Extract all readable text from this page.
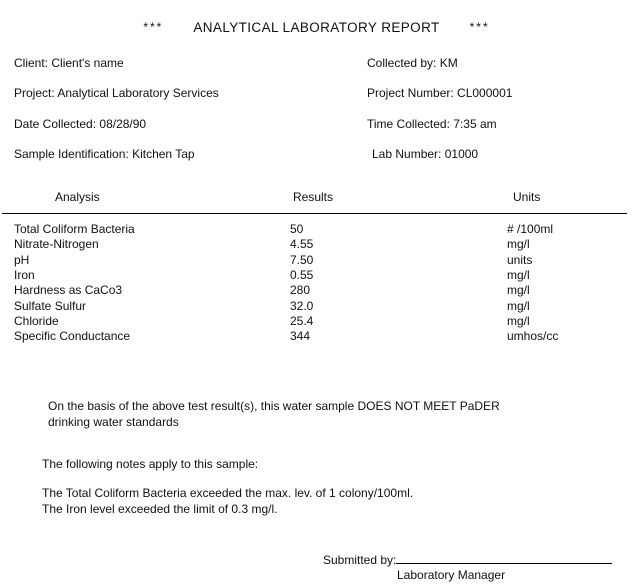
*** ANALYTICAL LABORATORY REPORT	***
Client: Client's name	Collected by: KM
Project: Analytical Laboratory Services	Project Number: CL000001
Date Collected: 08/28/90	Time Collected: 7:35 am
Sample Identification: Kitchen Tap	Lab Number: 01000
Analysis	Results	Units
Total Coliform Bacteria	50	# /100ml
Nitrate-Nitrogen	4.55	mg/l
pH	7.50	units
Iron	0.55	mg/l
Hardness as CaCo3	280	mg/l
Sulfate Sulfur	32.0	mg/l
Chloride	25.4	mg/l
Specific Conductance	344	umhos/cc
On the basis of the above test result(s), this water sample DOES NOT MEET PaDER
drinking water standards
The following notes apply to this sample:
The Total Coliform Bacteria exceeded the max. lev. of 1 colony/100ml.
The Iron level exceeded the limit of 0.3 mg/l.
Submitted by:
Laboratory Manager
